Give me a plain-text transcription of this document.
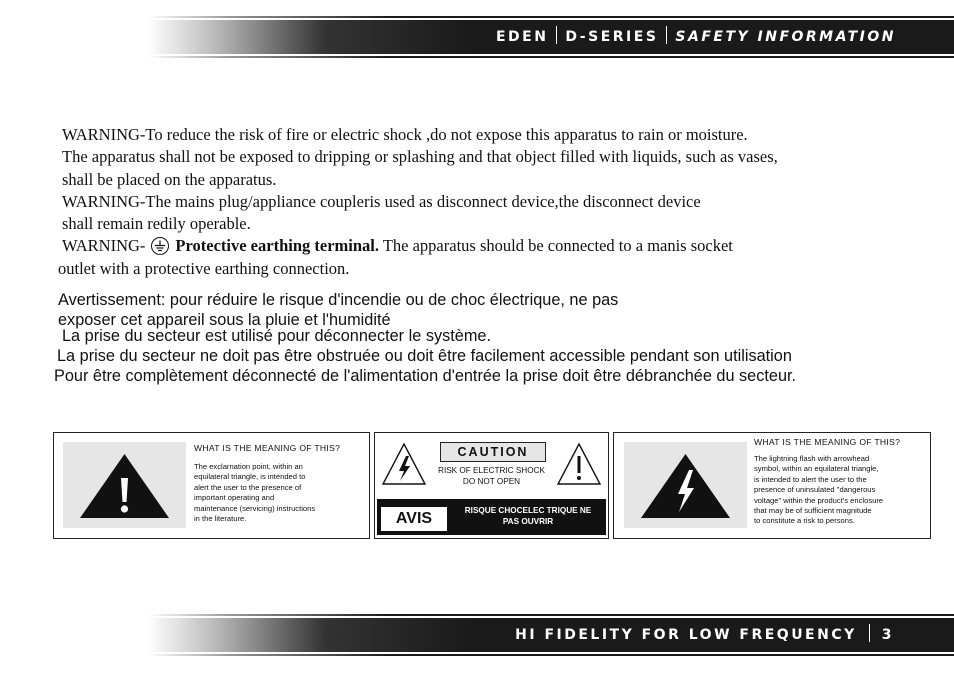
EDEN D-SERIES SAFETY INFORMATION

WARNING-To reduce the risk of fire or electric shock ,do not expose this apparatus to rain or moisture.

The apparatus shall not be exposed to dripping or splashing and that object filled with liquids, such as vases,

shall be placed on the apparatus.

WARNING-The mains plug/appliance coupleris used as disconnect device,the disconnect device

shall remain redily operable.

WARNING- Protective earthing terminal. The apparatus should be connected to a manis socket

outlet with a protective earthing connection.

Avertissement: pour réduire le risque d'incendie ou de choc électrique, ne pas

exposer cet appareil sous la pluie et l'humidité

La prise du secteur est utilisé pour déconnecter le système.

La prise du secteur ne doit pas être obstruée ou doit être facilement accessible pendant son utilisation

Pour être complètement déconnecté de l'alimentation d'entrée la prise doit être débranchée du secteur.

WHAT IS THE MEANING OF THIS?

The exclarnation point, within an

equilateral triangle, is intended to

alert the user to the presence of

important operating and

maintenance (servicing) instructions

in the literature.

CAUTION
RISK OF ELECTRIC SHOCK
DO NOT OPEN
AVIS	RISQUE CHOCELEC TRIQUE NE
PAS OUVRIR
WHAT IS THE MEANING OF THIS?

The lightning flash with arrowhead

symbol, within an equilateral triangle,

is intended to alert the user to the

presence of uninsulated "dangerous

voltage" within the product's enclosure

that may be of sufficient magnitude

to constitute a risk to persons.

HI FIDELITY FOR LOW FREQUENCY 3
